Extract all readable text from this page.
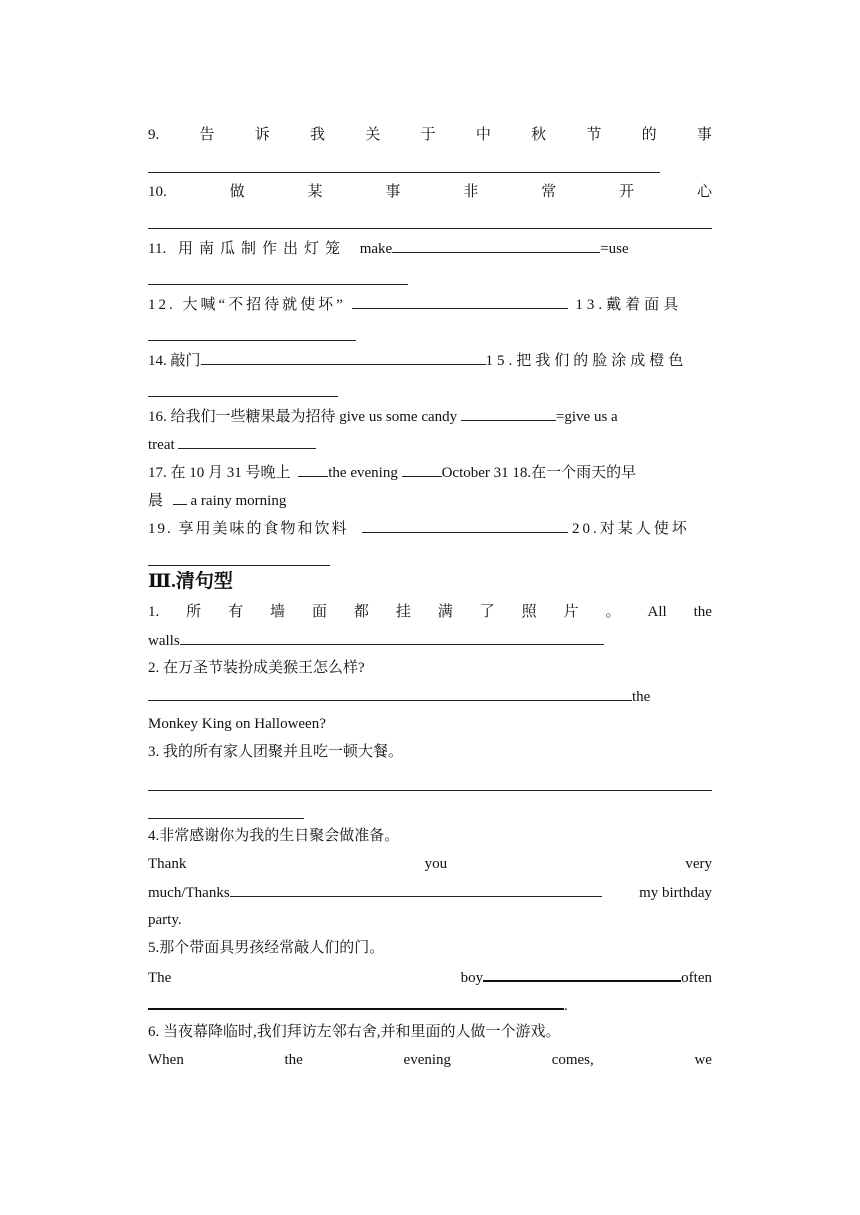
9.	告	诉	我	关	于	中	秋	节	的	事
10.	做	某	事	非	常	开	心
11. 用南瓜制作出灯笼 make	=use
12. 大喊“不招待就使坏”	13.戴着面具
14. 敲门	15.把我们的脸涂成橙色
16. 给我们一些糖果最为招待 give us some candy	=give us a
treat
17. 在 10 月 31 号晚上	the evening	October 31 18.在一个雨天的早
晨 a rainy morning
19. 享用美味的食物和饮料	20.对某人使坏
Ⅲ.清句型
1. 所 有 墙 面 都 挂 满 了 照 片 。 All the
walls
2. 在万圣节装扮成美猴王怎么样?
the
Monkey King on Halloween?
3. 我的所有家人团聚并且吃一顿大餐。
4.非常感谢你为我的生日聚会做准备。
Thank	you	very
much/Thanks	my birthday
party.
5.那个带面具男孩经常敲人们的门。
The	boy	often
.
6. 当夜幕降临时,我们拜访左邻右舍,并和里面的人做一个游戏。
When	the	evening	comes,	we
